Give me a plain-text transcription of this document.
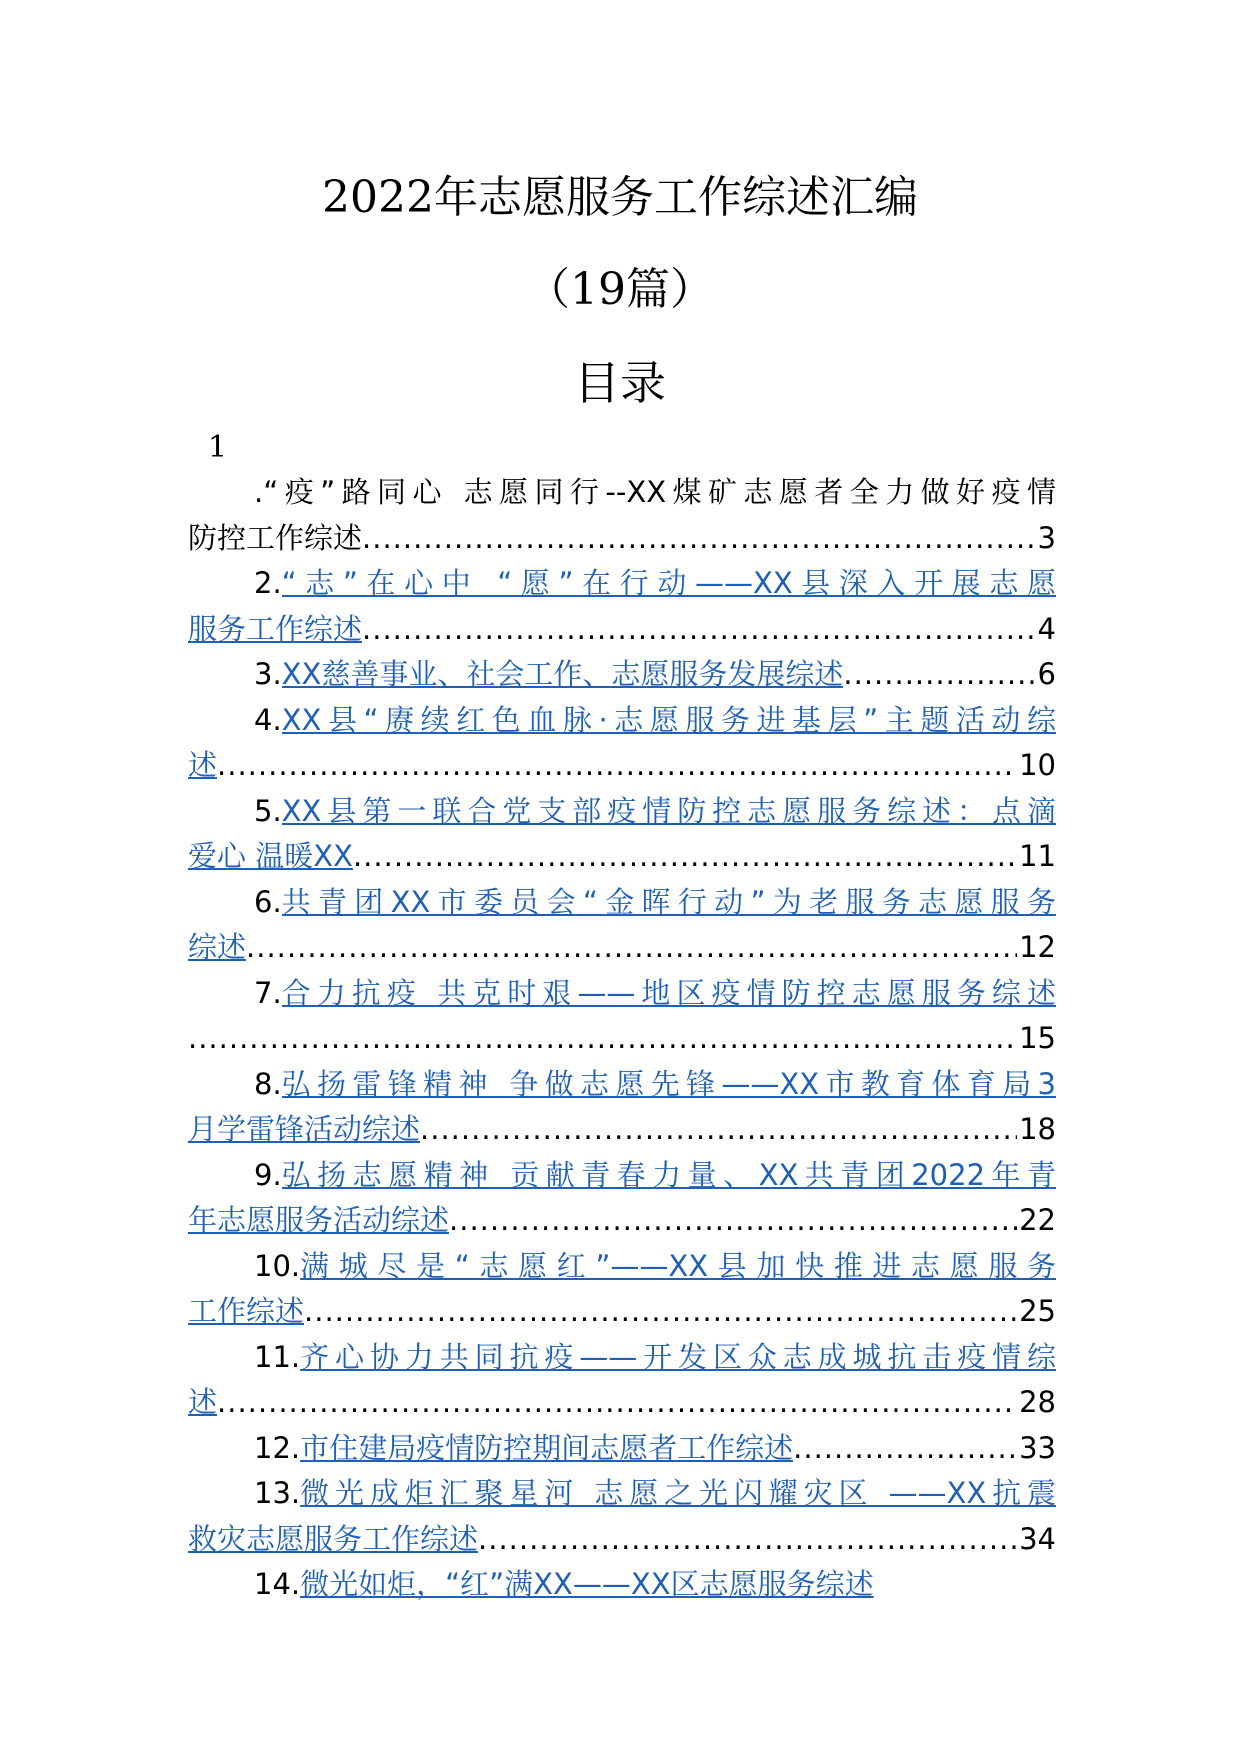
2022年志愿服务工作综述汇编
（19篇）
目录
1
. “疫”路同心 志愿同行--XX煤矿志愿者全力做好疫情
防控工作综述 .....	3
2. “志”在心中 “愿”在行动——XX县深入开展志愿
服务工作综述 .....	4
3. XX慈善事业、社会工作、志愿服务发展综述 .....	6
4. XX县“赓续红色血脉·志愿服务进基层”主题活动综
述 .....	10
5. XX县第一联合党支部疫情防控志愿服务综述：点滴
爱心 温暖XX .....	11
6. 共青团XX市委员会“金晖行动”为老服务志愿服务
综述 .....	12
7. 合力抗疫 共克时艰——地区疫情防控志愿服务综述
.....
15
8. 弘扬雷锋精神 争做志愿先锋——XX市教育体育局3
月学雷锋活动综述 .....	18
9. 弘扬志愿精神 贡献青春力量、XX共青团2022年青
年志愿服务活动综述 .....	22
10. 满城尽是“志愿红”——XX县加快推进志愿服务
工作综述 .....	25
11. 齐心协力共同抗疫——开发区众志成城抗击疫情综
述 .....	28
12. 市住建局疫情防控期间志愿者工作综述 .....	33
13. 微光成炬汇聚星河 志愿之光闪耀灾区 ——XX抗震
救灾志愿服务工作综述 .....	34
14. 微光如炬，“红”满XX——XX区志愿服务综述
